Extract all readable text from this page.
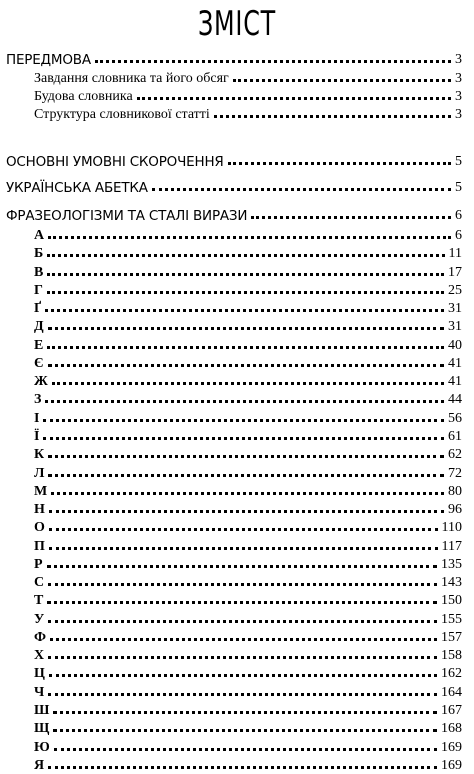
ЗМІСТ
ПЕРЕДМОВА	3
Завдання словника та його обсяг	3
Будова словника	3
Структура словникової статті	3
ОСНОВНІ УМОВНІ СКОРОЧЕННЯ	5
УКРАЇНСЬКА АБЕТКА	5
ФРАЗЕОЛОГІЗМИ ТА СТАЛІ ВИРАЗИ	6
А	6
Б	11
В	17
Г	25
Ґ	31
Д	31
Е	40
Є	41
Ж	41
З	44
І	56
Ї	61
К	62
Л	72
М	80
Н	96
О	110
П	117
Р	135
С	143
Т	150
У	155
Ф	157
Х	158
Ц	162
Ч	164
Ш	167
Щ	168
Ю	169
Я	169
